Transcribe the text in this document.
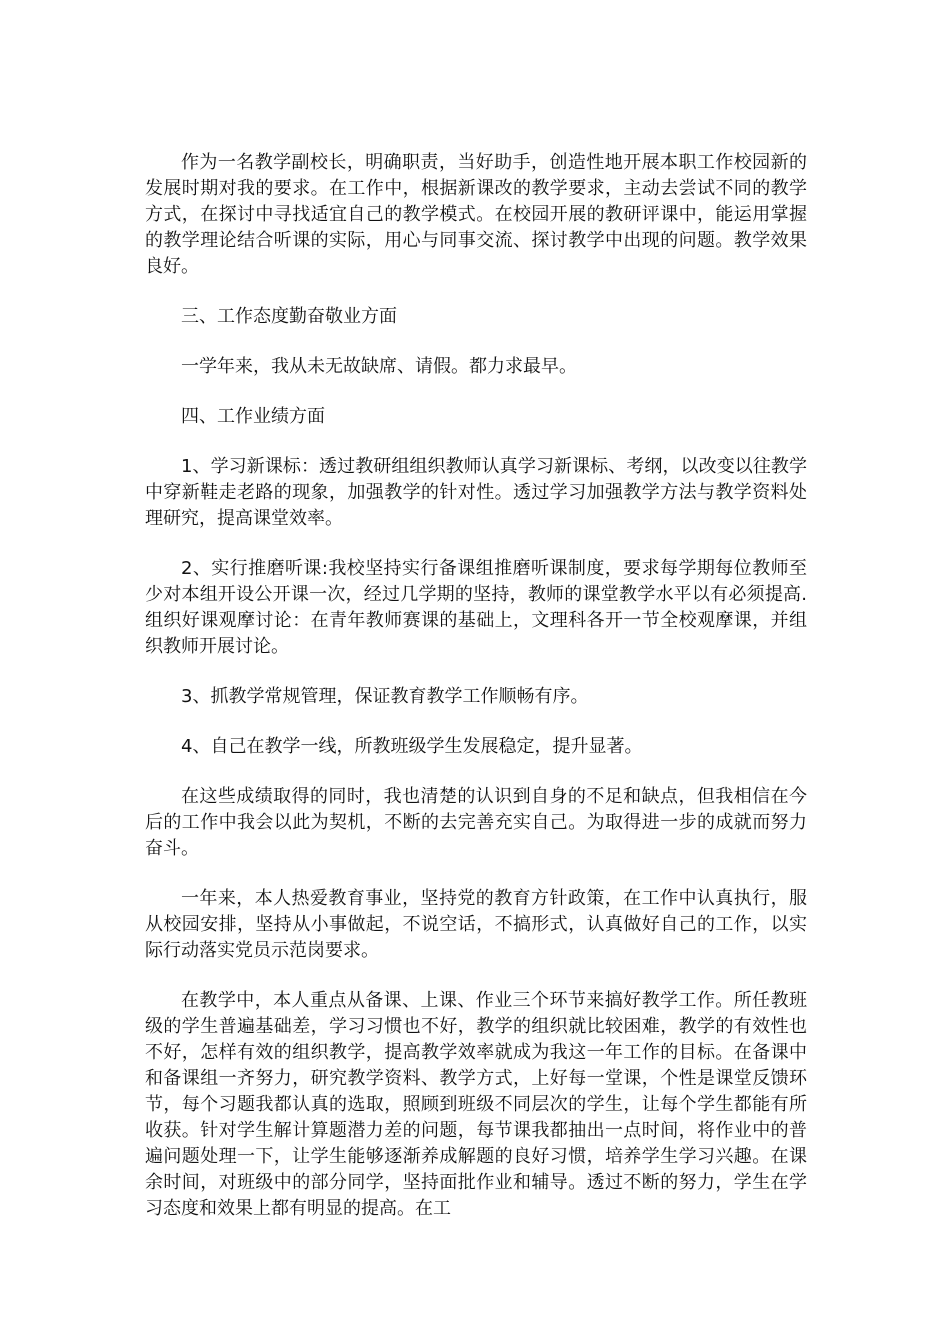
作为一名教学副校长，明确职责，当好助手，创造性地开展本职工作校园新的发展时期对我的要求。在工作中，根据新课改的教学要求，主动去尝试不同的教学方式，在探讨中寻找适宜自己的教学模式。在校园开展的教研评课中，能运用掌握的教学理论结合听课的实际，用心与同事交流、探讨教学中出现的问题。教学效果良好。

三、工作态度勤奋敬业方面

一学年来，我从未无故缺席、请假。都力求最早。

四、工作业绩方面

1、学习新课标：透过教研组组织教师认真学习新课标、考纲，以改变以往教学中穿新鞋走老路的现象，加强教学的针对性。透过学习加强教学方法与教学资料处理研究，提高课堂效率。

2、实行推磨听课:我校坚持实行备课组推磨听课制度，要求每学期每位教师至少对本组开设公开课一次，经过几学期的坚持，教师的课堂教学水平以有必须提高.组织好课观摩讨论：在青年教师赛课的基础上，文理科各开一节全校观摩课，并组织教师开展讨论。

3、抓教学常规管理，保证教育教学工作顺畅有序。

4、自己在教学一线，所教班级学生发展稳定，提升显著。

在这些成绩取得的同时，我也清楚的认识到自身的不足和缺点，但我相信在今后的工作中我会以此为契机，不断的去完善充实自己。为取得进一步的成就而努力奋斗。

一年来，本人热爱教育事业，坚持党的教育方针政策，在工作中认真执行，服从校园安排，坚持从小事做起，不说空话，不搞形式，认真做好自己的工作，以实际行动落实党员示范岗要求。

在教学中，本人重点从备课、上课、作业三个环节来搞好教学工作。所任教班级的学生普遍基础差，学习习惯也不好，教学的组织就比较困难，教学的有效性也不好，怎样有效的组织教学，提高教学效率就成为我这一年工作的目标。在备课中和备课组一齐努力，研究教学资料、教学方式，上好每一堂课，个性是课堂反馈环节，每个习题我都认真的选取，照顾到班级不同层次的学生，让每个学生都能有所收获。针对学生解计算题潜力差的问题，每节课我都抽出一点时间，将作业中的普遍问题处理一下，让学生能够逐渐养成解题的良好习惯，培养学生学习兴趣。在课余时间，对班级中的部分同学，坚持面批作业和辅导。透过不断的努力，学生在学习态度和效果上都有明显的提高。在工
